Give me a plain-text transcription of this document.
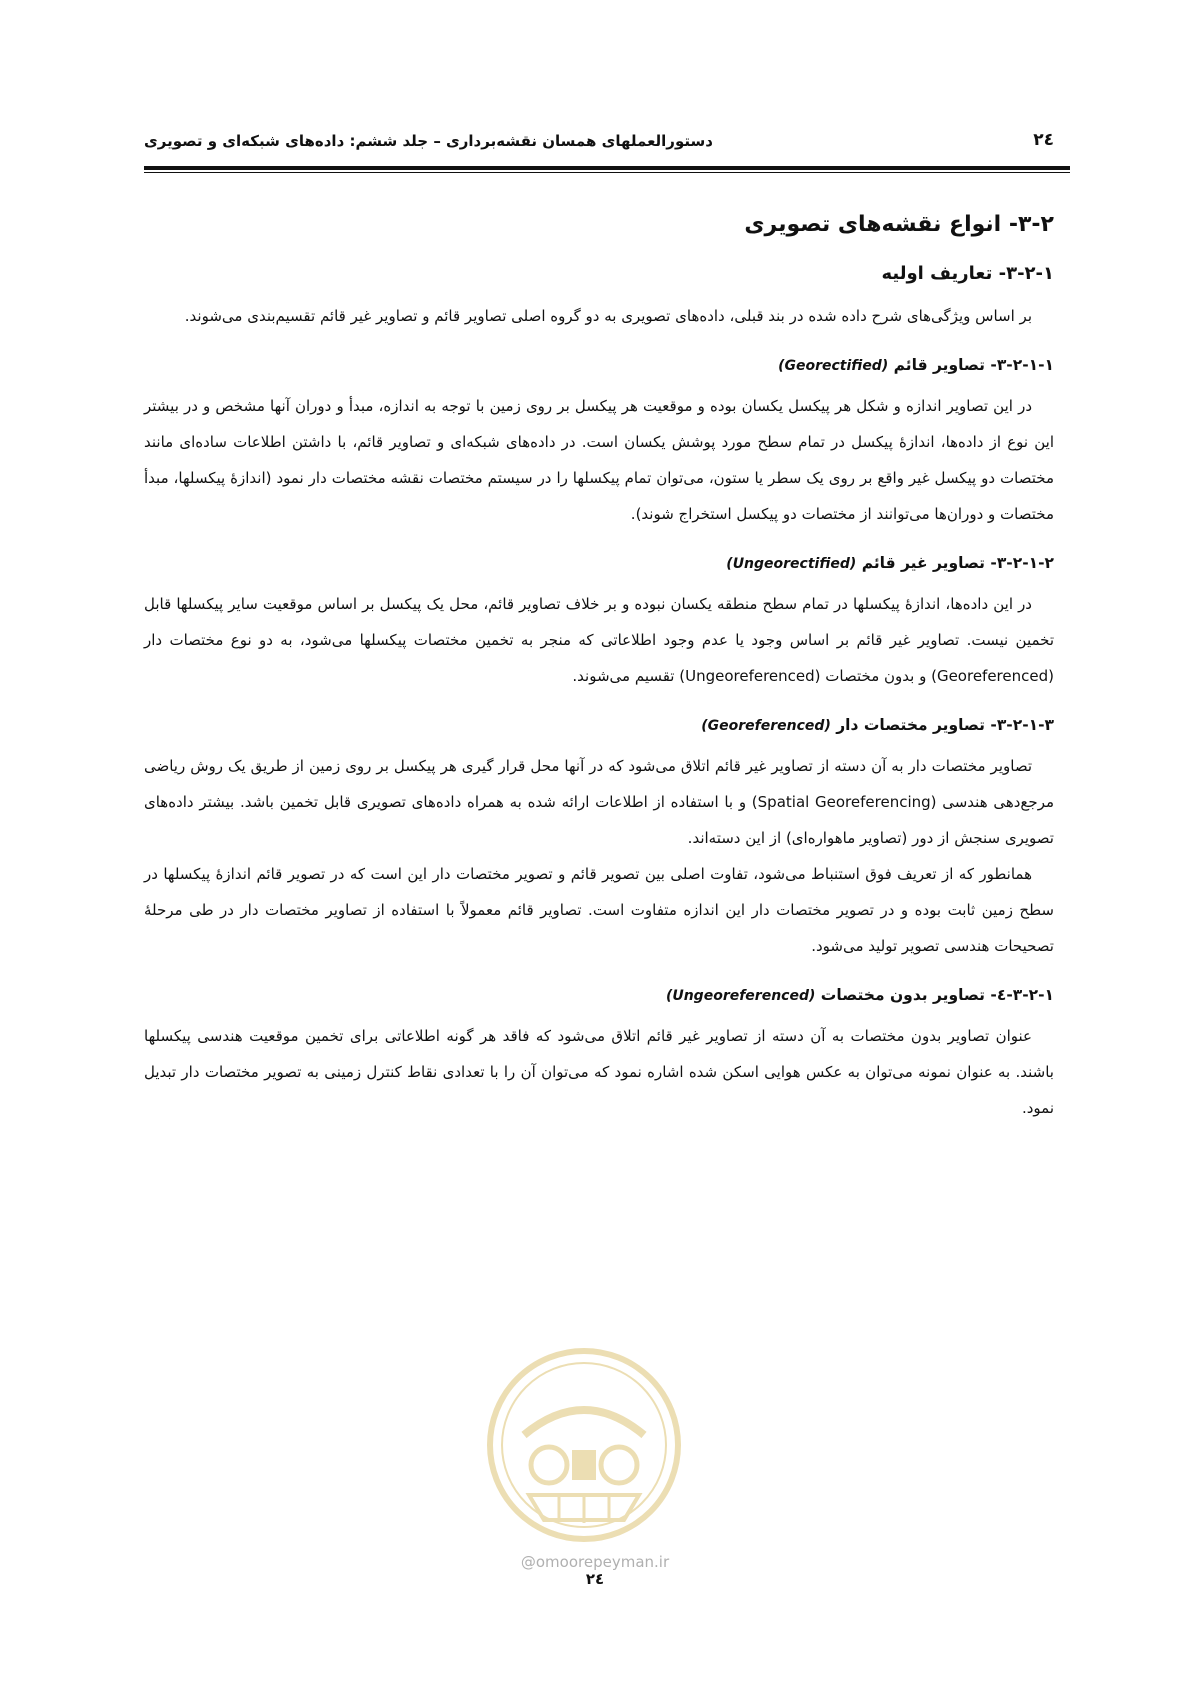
۲٤
دستورالعملهای همسان نقشه‌برداری – جلد ششم: داده‌های شبکه‌ای و تصویری
۳-۲- انواع نقشه‌های تصویری
۳-۲-۱- تعاریف اولیه

بر اساس ویژگی‌های شرح داده شده در بند قبلی، داده‌های تصویری به دو گروه اصلی تصاویر قائم و تصاویر غیر قائم تقسیم‌بندی می‌شوند.

۳-۲-۱-۱- تصاویر قائم (Georectified)

در این تصاویر اندازه و شکل هر پیکسل یکسان بوده و موقعیت هر پیکسل بر روی زمین با توجه به اندازه، مبدأ و دوران آنها مشخص و در بیشتر این نوع از داده‌ها، اندازۀ پیکسل در تمام سطح مورد پوشش یکسان است. در داده‌های شبکه‌ای و تصاویر قائم، با داشتن اطلاعات ساده‌ای مانند مختصات دو پیکسل غیر واقع بر روی یک سطر یا ستون، می‌توان تمام پیکسلها را در سیستم مختصات نقشه مختصات دار نمود (اندازۀ پیکسلها، مبدأ مختصات و دوران‌ها می‌توانند از مختصات دو پیکسل استخراج شوند).

۳-۲-۱-۲- تصاویر غیر قائم (Ungeorectified)

در این داده‌ها، اندازۀ پیکسلها در تمام سطح منطقه یکسان نبوده و بر خلاف تصاویر قائم، محل یک پیکسل بر اساس موقعیت سایر پیکسلها قابل تخمین نیست. تصاویر غیر قائم بر اساس وجود یا عدم وجود اطلاعاتی که منجر به تخمین مختصات پیکسلها می‌شود، به دو نوع مختصات دار (Georeferenced) و بدون مختصات (Ungeoreferenced) تقسیم می‌شوند.

۳-۲-۱-۳- تصاویر مختصات دار (Georeferenced)

تصاویر مختصات دار به آن دسته از تصاویر غیر قائم اتلاق می‌شود که در آنها محل قرار گیری هر پیکسل بر روی زمین از طریق یک روش ریاضی مرجع‌دهی هندسی (Spatial Georeferencing) و با استفاده از اطلاعات ارائه شده به همراه داده‌های تصویری قابل تخمین باشد. بیشتر داده‌های تصویری سنجش از دور (تصاویر ماهواره‌ای) از این دسته‌اند.

همانطور که از تعریف فوق استنباط می‌شود، تفاوت اصلی بین تصویر قائم و تصویر مختصات دار این است که در تصویر قائم اندازۀ پیکسلها در سطح زمین ثابت بوده و در تصویر مختصات دار این اندازه متفاوت است. تصاویر قائم معمولاً با استفاده از تصاویر مختصات دار در طی مرحلۀ تصحیحات هندسی تصویر تولید می‌شود.

۳-۲-۱-٤- تصاویر بدون مختصات (Ungeoreferenced)

عنوان تصاویر بدون مختصات به آن دسته از تصاویر غیر قائم اتلاق می‌شود که فاقد هر گونه اطلاعاتی برای تخمین موقعیت هندسی پیکسلها باشند. به عنوان نمونه می‌توان به عکس هوایی اسکن شده اشاره نمود که می‌توان آن را با تعدادی نقاط کنترل زمینی به تصویر مختصات دار تبدیل نمود.

@omoorepeyman.ir
۲٤
